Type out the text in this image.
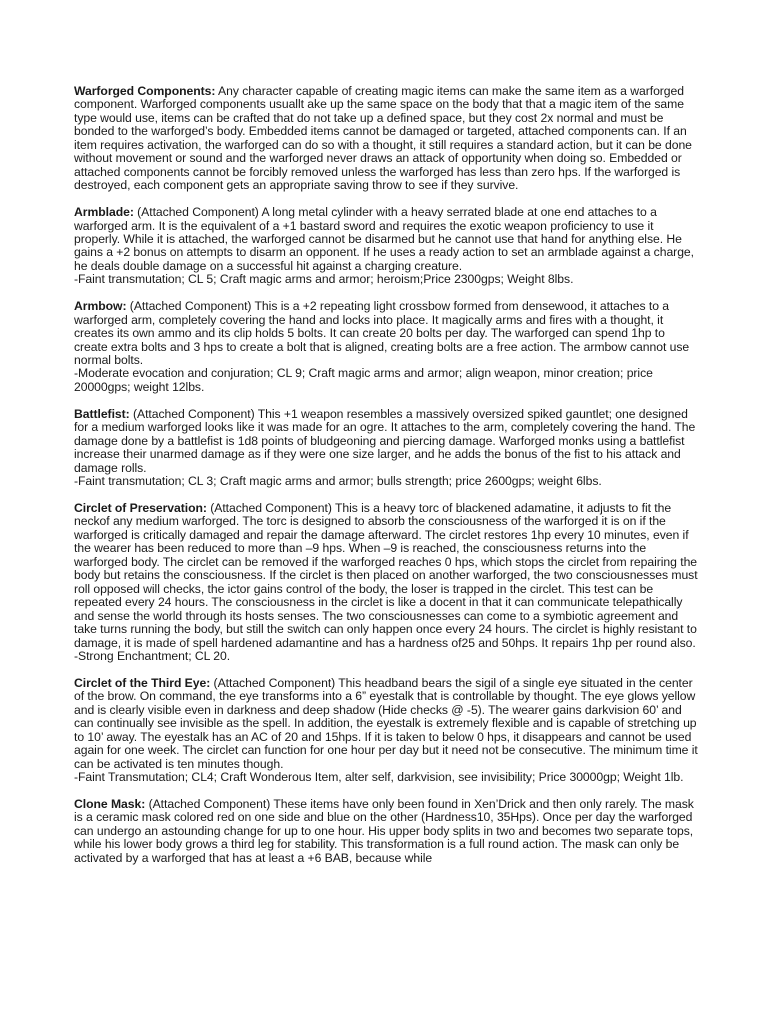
Warforged Components: Any character capable of creating magic items can make the same item as a warforged component. Warforged components usuallt ake up the same space on the body that that a magic item of the same type would use, items can be crafted that do not take up a defined space, but they cost 2x normal and must be bonded to the warforged’s body. Embedded items cannot be damaged or targeted, attached components can. If an item requires activation, the warforged can do so with a thought, it still requires a standard action, but it can be done without movement or sound and the warforged never draws an attack of opportunity when doing so. Embedded or attached components cannot be forcibly removed unless the warforged has less than zero hps. If the warforged is destroyed, each component gets an appropriate saving throw to see if they survive.

Armblade: (Attached Component) A long metal cylinder with a heavy serrated blade at one end attaches to a warforged arm. It is the equivalent of a +1 bastard sword and requires the exotic weapon proficiency to use it properly. While it is attached, the warforged cannot be disarmed but he cannot use that hand for anything else. He gains a +2 bonus on attempts to disarm an opponent. If he uses a ready action to set an armblade against a charge, he deals double damage on a successful hit against a charging creature.
-Faint transmutation; CL 5; Craft magic arms and armor; heroism;Price 2300gps; Weight 8lbs.

Armbow: (Attached Component) This is a +2 repeating light crossbow formed from densewood, it attaches to a warforged arm, completely covering the hand and locks into place. It magically arms and fires with a thought, it creates its own ammo and its clip holds 5 bolts. It can create 20 bolts per day. The warforged can spend 1hp to create extra bolts and 3 hps to create a bolt that is aligned, creating bolts are a free action. The armbow cannot use normal bolts.
-Moderate evocation and conjuration; CL 9; Craft magic arms and armor; align weapon, minor creation; price 20000gps; weight 12lbs.

Battlefist: (Attached Component) This +1 weapon resembles a massively oversized spiked gauntlet; one designed for a medium warforged looks like it was made for an ogre. It attaches to the arm, completely covering the hand. The damage done by a battlefist is 1d8 points of bludgeoning and piercing damage. Warforged monks using a battlefist increase their unarmed damage as if they were one size larger, and he adds the bonus of the fist to his attack and damage rolls.
-Faint transmutation; CL 3; Craft magic arms and armor; bulls strength; price 2600gps; weight 6lbs.

Circlet of Preservation: (Attached Component) This is a heavy torc of blackened adamatine, it adjusts to fit the neckof any medium warforged. The torc is designed to absorb the consciousness of the warforged it is on if the warforged is critically damaged and repair the damage afterward. The circlet restores 1hp every 10 minutes, even if the wearer has been reduced to more than –9 hps. When –9 is reached, the consciousness returns into the warforged body. The circlet can be removed if the warforged reaches 0 hps, which stops the circlet from repairing the body but retains the consciousness. If the circlet is then placed on another warforged, the two consciousnesses must roll opposed will checks, the ictor gains control of the body, the loser is trapped in the circlet. This test can be repeated every 24 hours. The consciousness in the circlet is like a docent in that it can communicate telepathically and sense the world through its hosts senses. The two consciousnesses can come to a symbiotic agreement and take turns running the body, but still the switch can only happen once every 24 hours. The circlet is highly resistant to damage, it is made of spell hardened adamantine and has a hardness of25 and 50hps. It repairs 1hp per round also.
-Strong Enchantment; CL 20.

Circlet of the Third Eye: (Attached Component) This headband bears the sigil of a single eye situated in the center of the brow. On command, the eye transforms into a 6” eyestalk that is controllable by thought. The eye glows yellow and is clearly visible even in darkness and deep shadow (Hide checks @ -5). The wearer gains darkvision 60’ and can continually see invisible as the spell. In addition, the eyestalk is extremely flexible and is capable of stretching up to 10’ away. The eyestalk has an AC of 20 and 15hps. If it is taken to below 0 hps, it disappears and cannot be used again for one week. The circlet can function for one hour per day but it need not be consecutive. The minimum time it can be activated is ten minutes though.
-Faint Transmutation; CL4; Craft Wonderous Item, alter self, darkvision, see invisibility; Price 30000gp; Weight 1lb.

Clone Mask: (Attached Component) These items have only been found in Xen’Drick and then only rarely. The mask is a ceramic mask colored red on one side and blue on the other (Hardness10, 35Hps). Once per day the warforged can undergo an astounding change for up to one hour. His upper body splits in two and becomes two separate tops, while his lower body grows a third leg for stability. This transformation is a full round action. The mask can only be activated by a warforged that has at least a +6 BAB, because while
